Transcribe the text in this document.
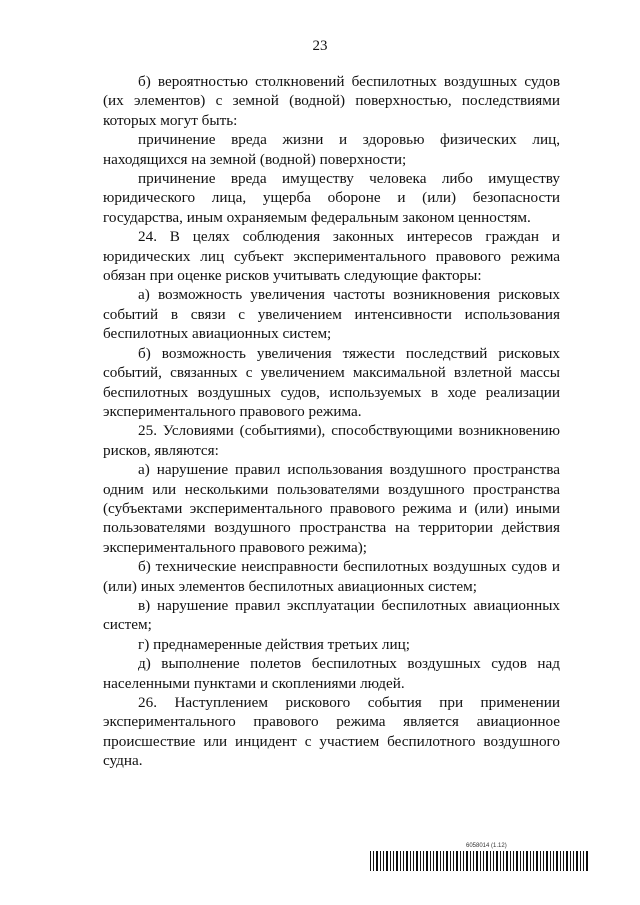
23

б) вероятностью столкновений беспилотных воздушных судов (их элементов) с земной (водной) поверхностью, последствиями которых могут быть:

причинение вреда жизни и здоровью физических лиц, находящихся на земной (водной) поверхности;

причинение вреда имуществу человека либо имуществу юридического лица, ущерба обороне и (или) безопасности государства, иным охраняемым федеральным законом ценностям.

24. В целях соблюдения законных интересов граждан и юридических лиц субъект экспериментального правового режима обязан при оценке рисков учитывать следующие факторы:

а) возможность увеличения частоты возникновения рисковых событий в связи с увеличением интенсивности использования беспилотных авиационных систем;

б) возможность увеличения тяжести последствий рисковых событий, связанных с увеличением максимальной взлетной массы беспилотных воздушных судов, используемых в ходе реализации экспериментального правового режима.

25. Условиями (событиями), способствующими возникновению рисков, являются:

а) нарушение правил использования воздушного пространства одним или несколькими пользователями воздушного пространства (субъектами экспериментального правового режима и (или) иными пользователями воздушного пространства на территории действия экспериментального правового режима);

б) технические неисправности беспилотных воздушных судов и (или) иных элементов беспилотных авиационных систем;

в) нарушение правил эксплуатации беспилотных авиационных систем;

г) преднамеренные действия третьих лиц;

д) выполнение полетов беспилотных воздушных судов над населенными пунктами и скоплениями людей.

26. Наступлением рискового события при применении экспериментального правового режима является авиационное происшествие или инцидент с участием беспилотного воздушного судна.

6058014 (1.12)
